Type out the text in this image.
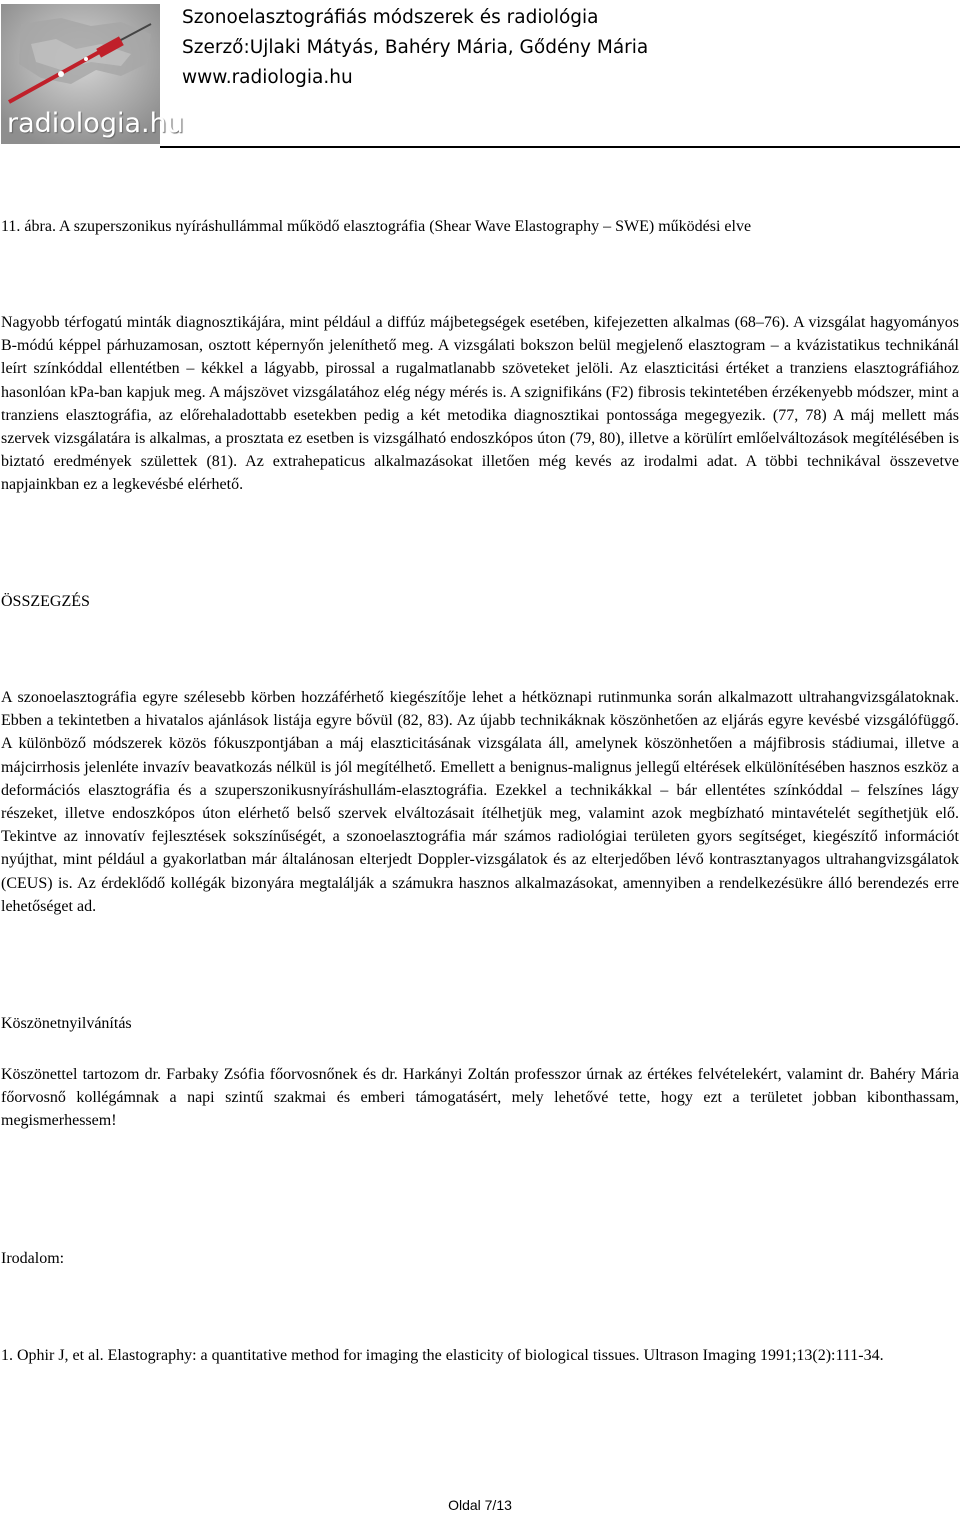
radiologia.hu
Szonoelasztográfiás módszerek és radiológia
Szerző:Ujlaki Mátyás, Bahéry Mária, Gődény Mária
www.radiologia.hu
11. ábra. A szuperszonikus nyíráshullámmal működő elasztográfia (Shear Wave Elastography – SWE) működési elve

Nagyobb térfogatú minták diagnosztikájára, mint például a diffúz májbetegségek esetében, kifejezetten alkalmas (68–76). A vizsgálat hagyományos B-módú képpel párhuzamosan, osztott képernyőn jeleníthető meg. A vizsgálati bokszon belül megjelenő elasztogram – a kvázistatikus technikánál leírt színkóddal ellentétben – kékkel a lágyabb, pirossal a rugalmatlanabb szöveteket jelöli. Az elaszticitási értéket a tranziens elasztográfiához hasonlóan kPa-ban kapjuk meg. A májszövet vizsgálatához elég négy mérés is. A szignifikáns (F2) fibrosis tekintetében érzékenyebb módszer, mint a tranziens elasztográfia, az előrehaladottabb esetekben pedig a két metodika diagnosztikai pontossága megegyezik. (77, 78) A máj mellett más szervek vizsgálatára is alkalmas, a prosztata ez esetben is vizsgálható endoszkópos úton (79, 80), illetve a körülírt emlőelváltozások megítélésében is biztató eredmények születtek (81). Az extrahepaticus alkalmazásokat illetően még kevés az irodalmi adat. A többi technikával összevetve napjainkban ez a legkevésbé elérhető.

ÖSSZEGZÉS

A szonoelasztográfia egyre szélesebb körben hozzáférhető kiegészítője lehet a hétköznapi rutinmunka során alkalmazott ultrahangvizsgálatoknak. Ebben a tekintetben a hivatalos ajánlások listája egyre bővül (82, 83). Az újabb technikáknak köszönhetően az eljárás egyre kevésbé vizsgálófüggő. A különböző módszerek közös fókuszpontjában a máj elaszticitásának vizsgálata áll, amelynek köszönhetően a májfibrosis stádiumai, illetve a májcirrhosis jelenléte invazív beavatkozás nélkül is jól megítélhető. Emellett a benignus-malignus jellegű eltérések elkülönítésében hasznos eszköz a deformációs elasztográfia és a szuperszonikusnyíráshullám-elasztográfia. Ezekkel a technikákkal – bár ellentétes színkóddal – felszínes lágy részeket, illetve endoszkópos úton elérhető belső szervek elváltozásait ítélhetjük meg, valamint azok megbízható mintavételét segíthetjük elő. Tekintve az innovatív fejlesztések sokszínűségét, a szonoelasztográfia már számos radiológiai területen gyors segítséget, kiegészítő információt nyújthat, mint például a gyakorlatban már általánosan elterjedt Doppler-vizsgálatok és az elterjedőben lévő kontrasztanyagos ultrahangvizsgálatok (CEUS) is. Az érdeklődő kollégák bizonyára megtalálják a számukra hasznos alkalmazásokat, amennyiben a rendelkezésükre álló berendezés erre lehetőséget ad.

Köszönetnyilvánítás

Köszönettel tartozom dr. Farbaky Zsófia főorvosnőnek és dr. Harkányi Zoltán professzor úrnak az értékes felvételekért, valamint dr. Bahéry Mária főorvosnő kollégámnak a napi szintű szakmai és emberi támogatásért, mely lehetővé tette, hogy ezt a területet jobban kibonthassam, megismerhessem!

Irodalom:

1. Ophir J, et al. Elastography: a quantitative method for imaging the elasticity of biological tissues. Ultrason Imaging 1991;13(2):111-34.

Oldal 7/13
